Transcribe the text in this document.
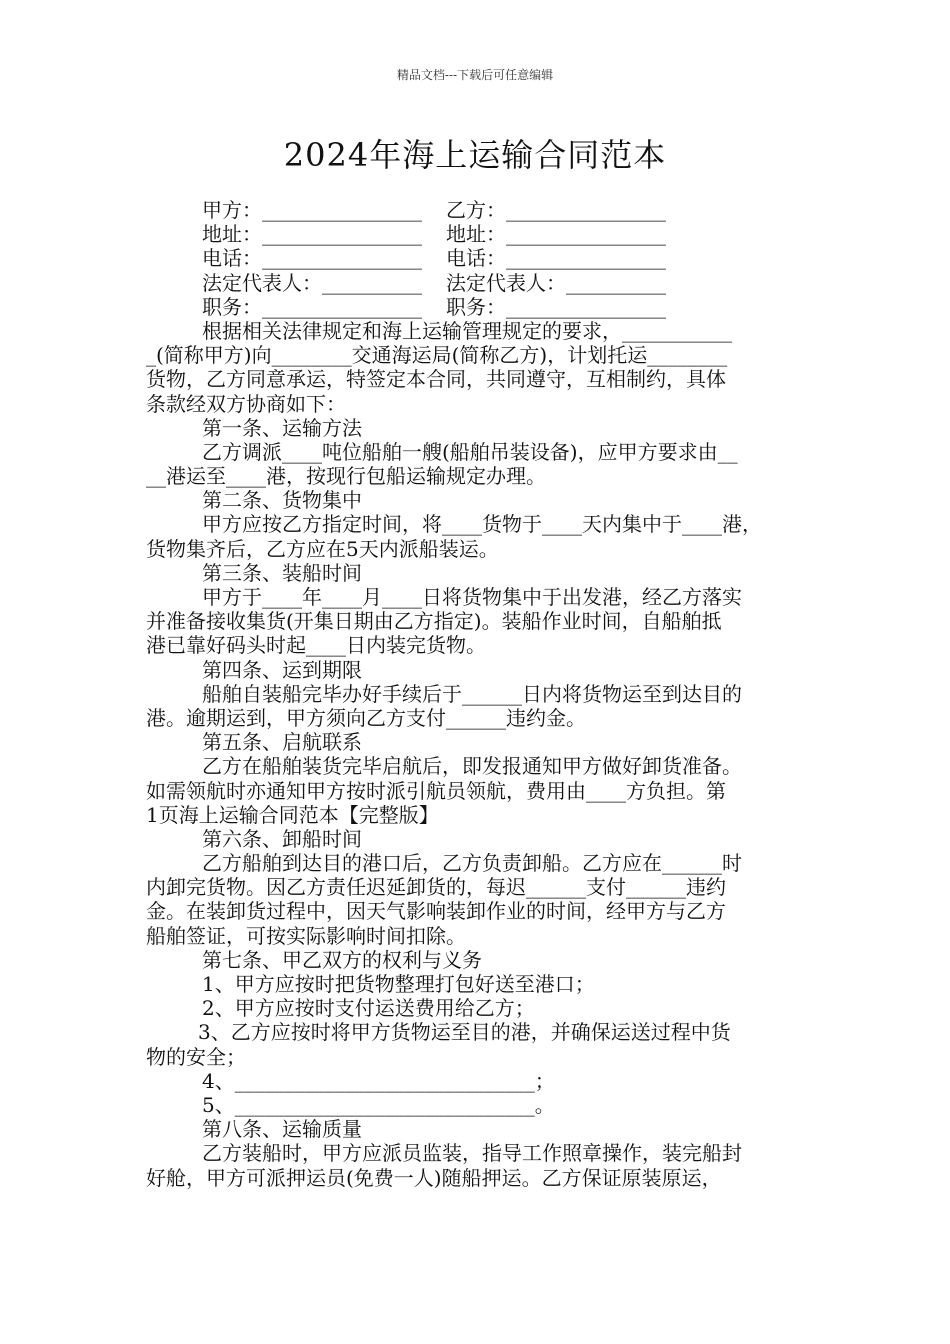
精品文档---下载后可任意编辑
2024年海上运输合同范本
甲方：________________ 乙方：________________
地址：________________ 地址：________________
电话：________________ 电话：________________
法定代表人：__________ 法定代表人：__________
职务：________________ 职务：________________
根据相关法律规定和海上运输管理规定的要求，___________
_(简称甲方)向________交通海运局(简称乙方)，计划托运________
货物，乙方同意承运，特签定本合同，共同遵守，互相制约，具体
条款经双方协商如下：
第一条、运输方法
乙方调派____吨位船舶一艘(船舶吊装设备)，应甲方要求由__
__港运至____港，按现行包船运输规定办理。
第二条、货物集中
甲方应按乙方指定时间，将____货物于____天内集中于____港，
货物集齐后，乙方应在5天内派船装运。
第三条、装船时间
甲方于____年____月____日将货物集中于出发港，经乙方落实
并准备接收集货(开集日期由乙方指定)。装船作业时间，自船舶抵
港已靠好码头时起____日内装完货物。
第四条、运到期限
船舶自装船完毕办好手续后于______日内将货物运至到达目的
港。逾期运到，甲方须向乙方支付______违约金。
第五条、启航联系
乙方在船舶装货完毕启航后，即发报通知甲方做好卸货准备。
如需领航时亦通知甲方按时派引航员领航，费用由____方负担。第
1页海上运输合同范本【完整版】
第六条、卸船时间
乙方船舶到达目的港口后，乙方负责卸船。乙方应在______时
内卸完货物。因乙方责任迟延卸货的，每迟______支付______违约
金。在装卸货过程中，因天气影响装卸作业的时间，经甲方与乙方
船舶签证，可按实际影响时间扣除。
第七条、甲乙双方的权利与义务
1、甲方应按时把货物整理打包好送至港口；
2、甲方应按时支付运送费用给乙方；
3、乙方应按时将甲方货物运至目的港，并确保运送过程中货
物的安全；
4、______________________________；
5、______________________________。
第八条、运输质量
乙方装船时，甲方应派员监装，指导工作照章操作，装完船封
好舱，甲方可派押运员(免费一人)随船押运。乙方保证原装原运，
